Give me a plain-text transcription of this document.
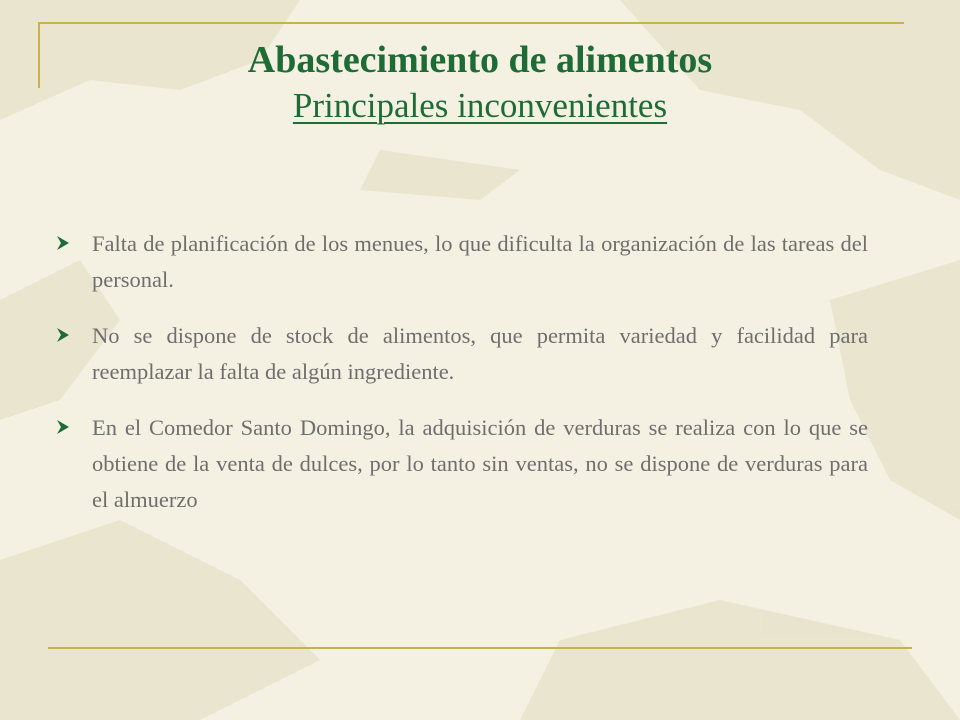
Abastecimiento de alimentos

Principales inconvenientes

Falta de planificación de los menues, lo que dificulta la organización de las tareas del personal.
No se dispone de stock de alimentos, que permita variedad y facilidad para reemplazar la falta de algún ingrediente.
En el Comedor Santo Domingo, la adquisición de verduras se realiza con lo que se obtiene de la venta de dulces, por lo tanto sin ventas, no se dispone de verduras para el almuerzo
